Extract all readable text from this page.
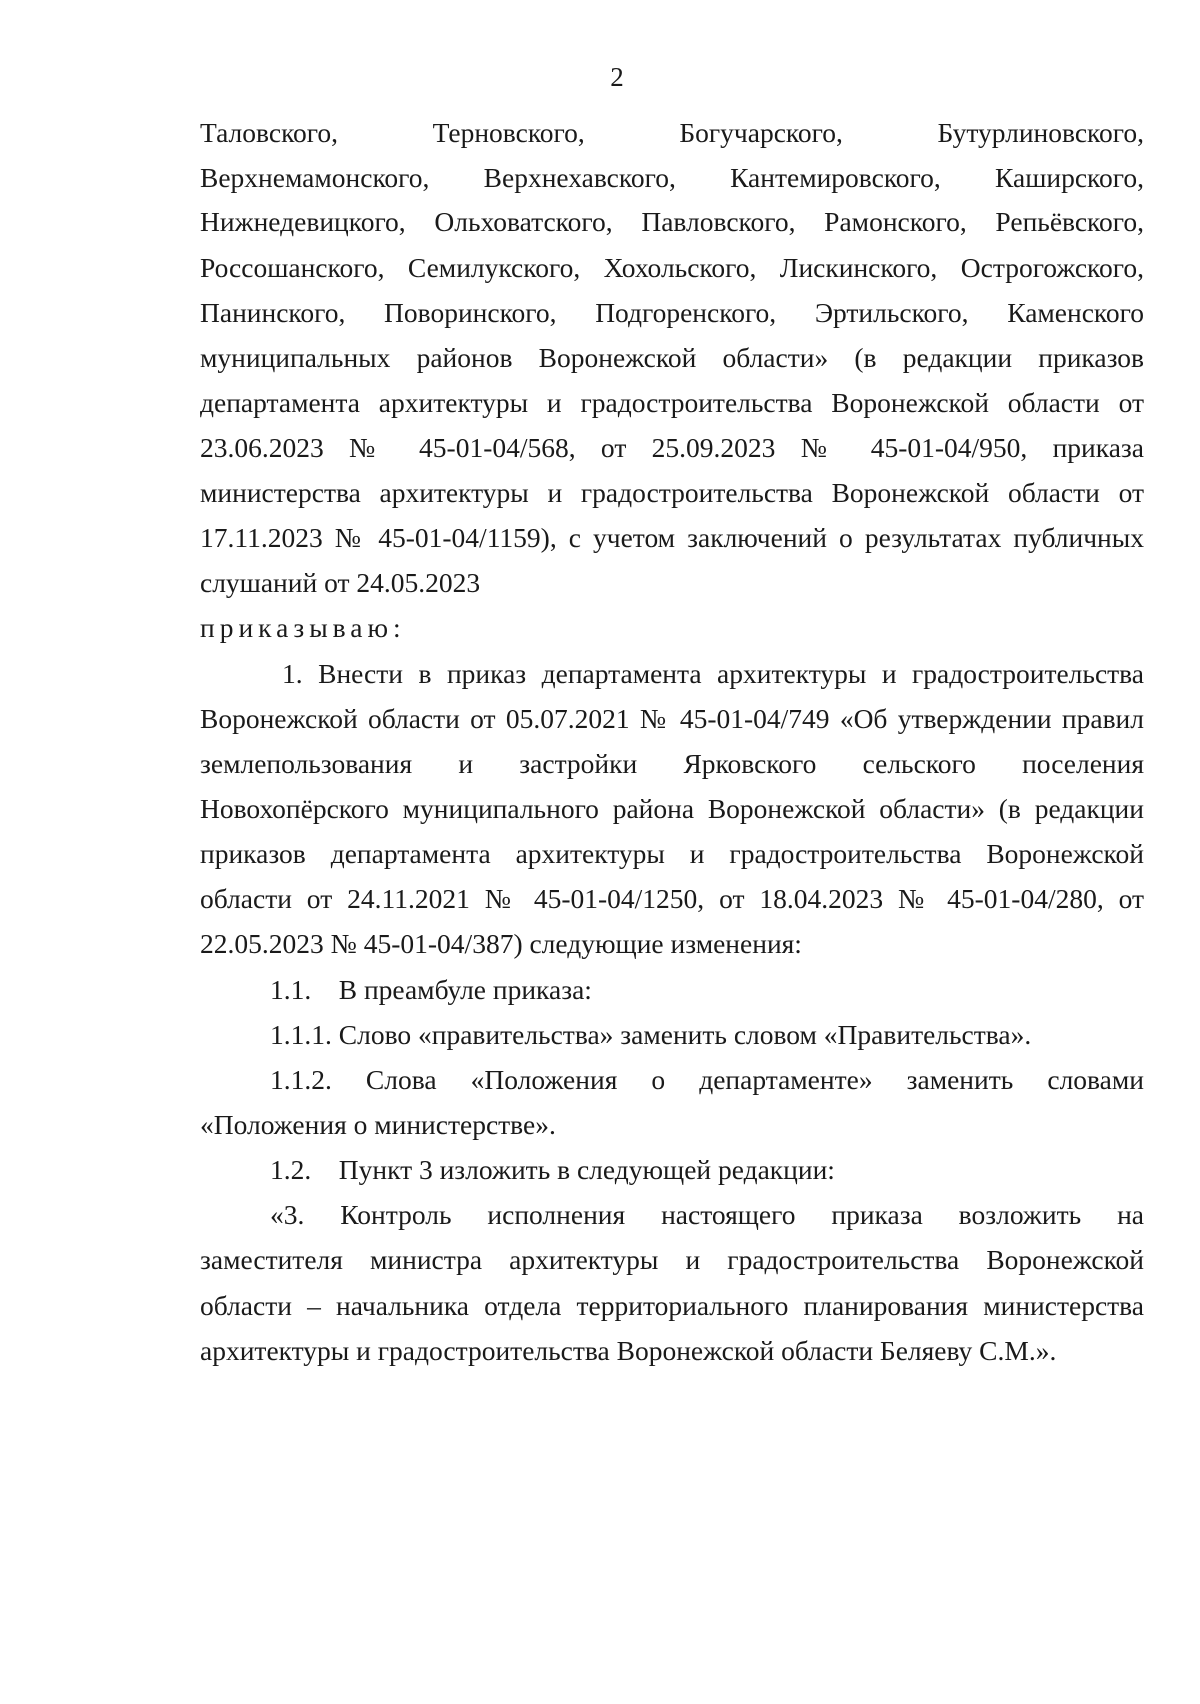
2
Таловского, Терновского, Богучарского, Бутурлиновского,
Верхнемамонского, Верхнехавского, Кантемировского, Каширского,
Нижнедевицкого, Ольховатского, Павловского, Рамонского, Репьёвского,
Россошанского, Семилукского, Хохольского, Лискинского, Острогожского,
Панинского, Поворинского, Подгоренского, Эртильского, Каменского
муниципальных районов Воронежской области» (в редакции приказов
департамента архитектуры и градостроительства Воронежской области от
23.06.2023 № 45-01-04/568, от 25.09.2023 № 45-01-04/950, приказа
министерства архитектуры и градостроительства Воронежской области от
17.11.2023 № 45-01-04/1159), с учетом заключений о результатах публичных
слушаний от 24.05.2023
приказываю:
1. Внести в приказ департамента архитектуры и градостроительства
Воронежской области от 05.07.2021 № 45-01-04/749 «Об утверждении правил
землепользования и застройки Ярковского сельского поселения
Новохопёрского муниципального района Воронежской области» (в редакции
приказов департамента архитектуры и градостроительства Воронежской
области от 24.11.2021 № 45-01-04/1250, от 18.04.2023 № 45-01-04/280, от
22.05.2023 № 45-01-04/387) следующие изменения:
1.1.    В преамбуле приказа:
1.1.1. Слово «правительства» заменить словом «Правительства».
1.1.2. Слова «Положения о департаменте» заменить словами
«Положения о министерстве».
1.2.    Пункт 3 изложить в следующей редакции:
«3. Контроль исполнения настоящего приказа возложить на
заместителя министра архитектуры и градостроительства Воронежской
области – начальника отдела территориального планирования министерства
архитектуры и градостроительства Воронежской области Беляеву С.М.».
